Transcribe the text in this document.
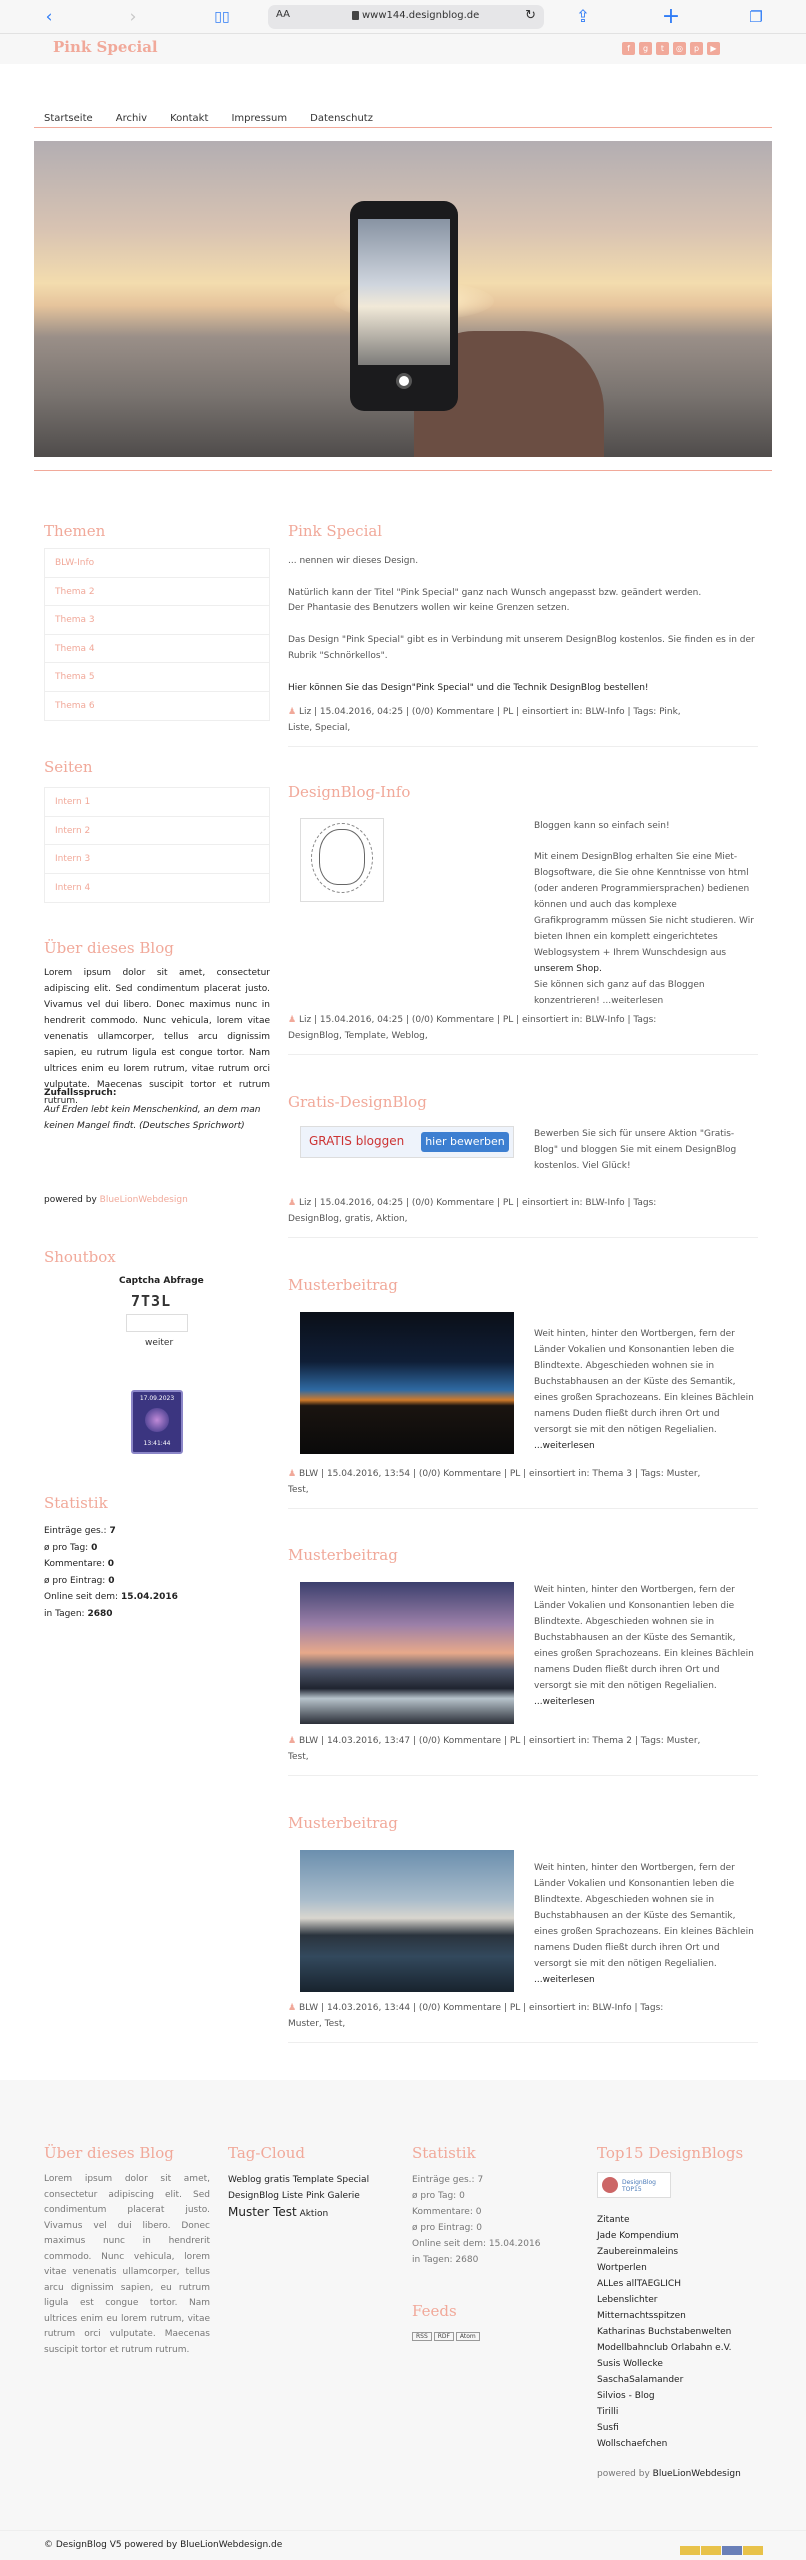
‹	›	▯▯	AA	www144.designblog.de	↻ ⇪	+	❐
Pink Special	f	g	t	◎	p	▶
Startseite Archiv Kontakt Impressum Datenschutz
Themen
BLW-Info
Thema 2
Thema 3
Thema 4
Thema 5
Thema 6
Seiten
Intern 1
Intern 2
Intern 3
Intern 4
Über dieses Blog
Lorem ipsum dolor sit amet, consectetur adipiscing elit. Sed condimentum placerat justo. Vivamus vel dui libero. Donec maximus nunc in hendrerit commodo. Nunc vehicula, lorem vitae venenatis ullamcorper, tellus arcu dignissim sapien, eu rutrum ligula est congue tortor. Nam ultrices enim eu lorem rutrum, vitae rutrum orci vulputate. Maecenas suscipit tortor et rutrum rutrum.
Zufallsspruch:
Auf Erden lebt kein Menschenkind, an dem man keinen Mangel findt. (Deutsches Sprichwort)
powered by BlueLionWebdesign
Shoutbox
Captcha Abfrage
7T3L
weiter
17.09.2023
13:41:44
Statistik
Einträge ges.: 7
ø pro Tag: 0
Kommentare: 0
ø pro Eintrag: 0
Online seit dem: 15.04.2016
in Tagen: 2680
Pink Special
... nennen wir dieses Design.
Natürlich kann der Titel "Pink Special" ganz nach Wunsch angepasst bzw. geändert werden.
Der Phantasie des Benutzers wollen wir keine Grenzen setzen.
Das Design "Pink Special" gibt es in Verbindung mit unserem DesignBlog kostenlos. Sie finden es in der
Rubrik "Schnörkellos".
Hier können Sie das Design"Pink Special" und die Technik DesignBlog bestellen!
♟ Liz | 15.04.2016, 04:25 | (0/0) Kommentare | PL | einsortiert in: BLW-Info | Tags: Pink,
Liste, Special,
DesignBlog-Info
Bloggen kann so einfach sein!
Mit einem DesignBlog erhalten Sie eine Miet-
Blogsoftware, die Sie ohne Kenntnisse von html
(oder anderen Programmiersprachen) bedienen
können und auch das komplexe
Grafikprogramm müssen Sie nicht studieren. Wir
bieten Ihnen ein komplett eingerichtetes
Weblogsystem + Ihrem Wunschdesign aus
unserem Shop.
Sie können sich ganz auf das Bloggen
konzentrieren! ...weiterlesen
♟ Liz | 15.04.2016, 04:25 | (0/0) Kommentare | PL | einsortiert in: BLW-Info | Tags:
DesignBlog, Template, Weblog,
Gratis-DesignBlog
GRATIS bloggen	hier bewerben
Bewerben Sie sich für unsere Aktion "Gratis-
Blog" und bloggen Sie mit einem DesignBlog
kostenlos. Viel Glück!
♟ Liz | 15.04.2016, 04:25 | (0/0) Kommentare | PL | einsortiert in: BLW-Info | Tags:
DesignBlog, gratis, Aktion,
Musterbeitrag
Weit hinten, hinter den Wortbergen, fern der
Länder Vokalien und Konsonantien leben die
Blindtexte. Abgeschieden wohnen sie in
Buchstabhausen an der Küste des Semantik,
eines großen Sprachozeans. Ein kleines Bächlein
namens Duden fließt durch ihren Ort und
versorgt sie mit den nötigen Regelialien.
...weiterlesen
♟ BLW | 15.04.2016, 13:54 | (0/0) Kommentare | PL | einsortiert in: Thema 3 | Tags: Muster,
Test,
Musterbeitrag
Weit hinten, hinter den Wortbergen, fern der
Länder Vokalien und Konsonantien leben die
Blindtexte. Abgeschieden wohnen sie in
Buchstabhausen an der Küste des Semantik,
eines großen Sprachozeans. Ein kleines Bächlein
namens Duden fließt durch ihren Ort und
versorgt sie mit den nötigen Regelialien.
...weiterlesen
♟ BLW | 14.03.2016, 13:47 | (0/0) Kommentare | PL | einsortiert in: Thema 2 | Tags: Muster,
Test,
Musterbeitrag
Weit hinten, hinter den Wortbergen, fern der
Länder Vokalien und Konsonantien leben die
Blindtexte. Abgeschieden wohnen sie in
Buchstabhausen an der Küste des Semantik,
eines großen Sprachozeans. Ein kleines Bächlein
namens Duden fließt durch ihren Ort und
versorgt sie mit den nötigen Regelialien.
...weiterlesen
♟ BLW | 14.03.2016, 13:44 | (0/0) Kommentare | PL | einsortiert in: BLW-Info | Tags:
Muster, Test,
Über dieses Blog
Lorem ipsum dolor sit amet, consectetur adipiscing elit. Sed condimentum placerat justo. Vivamus vel dui libero. Donec maximus nunc in hendrerit commodo. Nunc vehicula, lorem vitae venenatis ullamcorper, tellus arcu dignissim sapien, eu rutrum ligula est congue tortor. Nam ultrices enim eu lorem rutrum, vitae rutrum orci vulputate. Maecenas suscipit tortor et rutrum rutrum.
Tag-Cloud
Weblog gratis Template Special
DesignBlog Liste Pink Galerie
Muster Test Aktion
Statistik
Einträge ges.: 7
ø pro Tag: 0
Kommentare: 0
ø pro Eintrag: 0
Online seit dem: 15.04.2016
in Tagen: 2680
Feeds
RSS RDF Atom
Top15 DesignBlogs
DesignBlog TOP15
Zitante
Jade Kompendium
Zaubereinmaleins
Wortperlen
ALLes allTAEGLICH
Lebenslichter
Mitternachtsspitzen
Katharinas Buchstabenwelten
Modellbahnclub Orlabahn e.V.
Susis Wollecke
SaschaSalamander
Silvios - Blog
Tirilli
Susfi
Wollschaefchen
powered by BlueLionWebdesign
© DesignBlog V5 powered by BlueLionWebdesign.de
